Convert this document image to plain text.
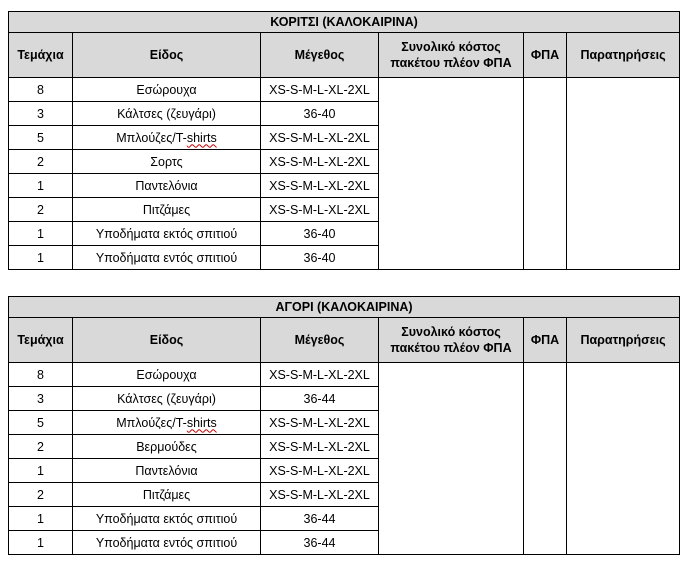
ΚΟΡΙΤΣΙ (ΚΑΛΟΚΑΙΡΙΝΑ)					
Τεμάχια	Είδος	Μέγεθος	Συνολικό κόστος πακέτου πλέον ΦΠΑ	ΦΠΑ	Παρατηρήσεις
8	Εσώρουχα	XS-S-M-L-XL-2XL			
3	Κάλτσες (ζευγάρι)	36-40			
5	Μπλούζες/T-shirts	XS-S-M-L-XL-2XL			
2	Σορτς	XS-S-M-L-XL-2XL			
1	Παντελόνια	XS-S-M-L-XL-2XL			
2	Πιτζάμες	XS-S-M-L-XL-2XL			
1	Υποδήματα εκτός σπιτιού	36-40			
1	Υποδήματα εντός σπιτιού	36-40			
ΑΓΟΡΙ (ΚΑΛΟΚΑΙΡΙΝΑ)					
Τεμάχια	Είδος	Μέγεθος	Συνολικό κόστος πακέτου πλέον ΦΠΑ	ΦΠΑ	Παρατηρήσεις
8	Εσώρουχα	XS-S-M-L-XL-2XL			
3	Κάλτσες (ζευγάρι)	36-44			
5	Μπλούζες/T-shirts	XS-S-M-L-XL-2XL			
2	Βερμούδες	XS-S-M-L-XL-2XL			
1	Παντελόνια	XS-S-M-L-XL-2XL			
2	Πιτζάμες	XS-S-M-L-XL-2XL			
1	Υποδήματα εκτός σπιτιού	36-44			
1	Υποδήματα εντός σπιτιού	36-44			
